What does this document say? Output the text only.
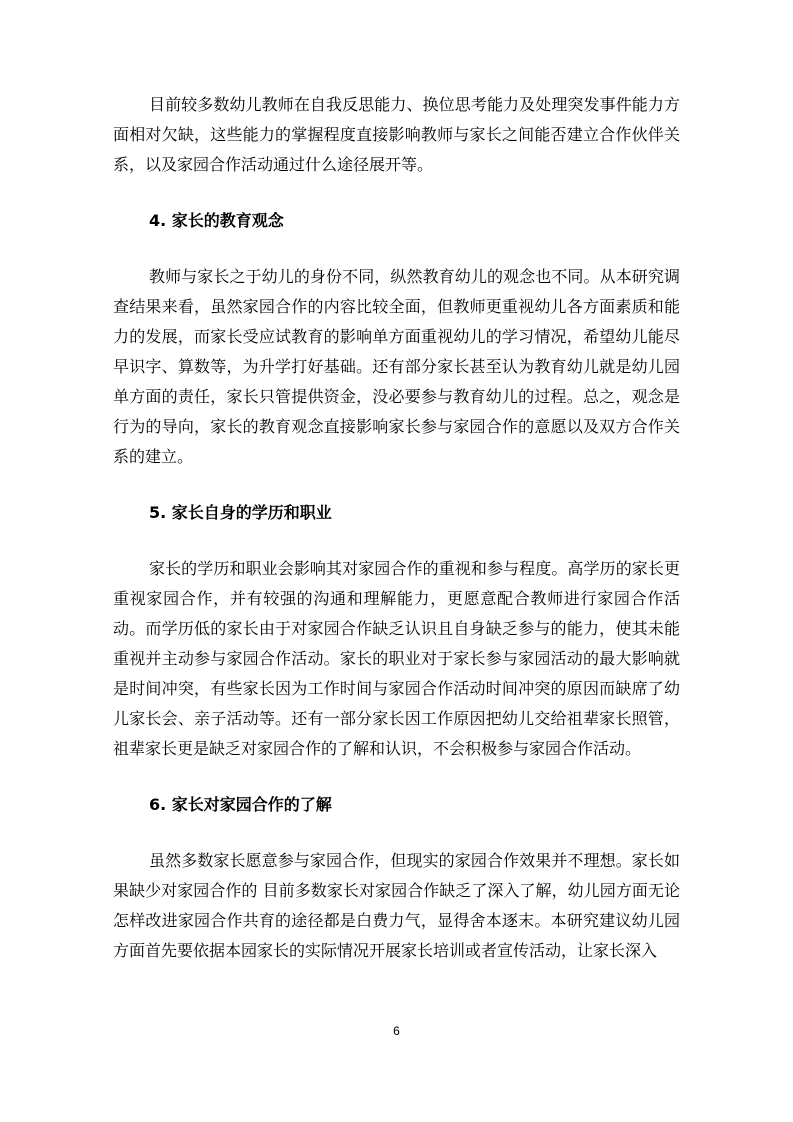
目前较多数幼儿教师在自我反思能力、换位思考能力及处理突发事件能力方面相对欠缺，这些能力的掌握程度直接影响教师与家长之间能否建立合作伙伴关系，以及家园合作活动通过什么途径展开等。

4. 家长的教育观念

教师与家长之于幼儿的身份不同，纵然教育幼儿的观念也不同。从本研究调查结果来看，虽然家园合作的内容比较全面，但教师更重视幼儿各方面素质和能力的发展，而家长受应试教育的影响单方面重视幼儿的学习情况，希望幼儿能尽早识字、算数等，为升学打好基础。还有部分家长甚至认为教育幼儿就是幼儿园单方面的责任，家长只管提供资金，没必要参与教育幼儿的过程。总之，观念是行为的导向，家长的教育观念直接影响家长参与家园合作的意愿以及双方合作关系的建立。

5. 家长自身的学历和职业

家长的学历和职业会影响其对家园合作的重视和参与程度。高学历的家长更重视家园合作，并有较强的沟通和理解能力，更愿意配合教师进行家园合作活动。而学历低的家长由于对家园合作缺乏认识且自身缺乏参与的能力，使其未能重视并主动参与家园合作活动。家长的职业对于家长参与家园活动的最大影响就是时间冲突，有些家长因为工作时间与家园合作活动时间冲突的原因而缺席了幼儿家长会、亲子活动等。还有一部分家长因工作原因把幼儿交给祖辈家长照管，祖辈家长更是缺乏对家园合作的了解和认识，不会积极参与家园合作活动。

6. 家长对家园合作的了解

虽然多数家长愿意参与家园合作，但现实的家园合作效果并不理想。家长如果缺少对家园合作的 目前多数家长对家园合作缺乏了深入了解，幼儿园方面无论怎样改进家园合作共育的途径都是白费力气，显得舍本逐末。本研究建议幼儿园方面首先要依据本园家长的实际情况开展家长培训或者宣传活动，让家长深入

6
